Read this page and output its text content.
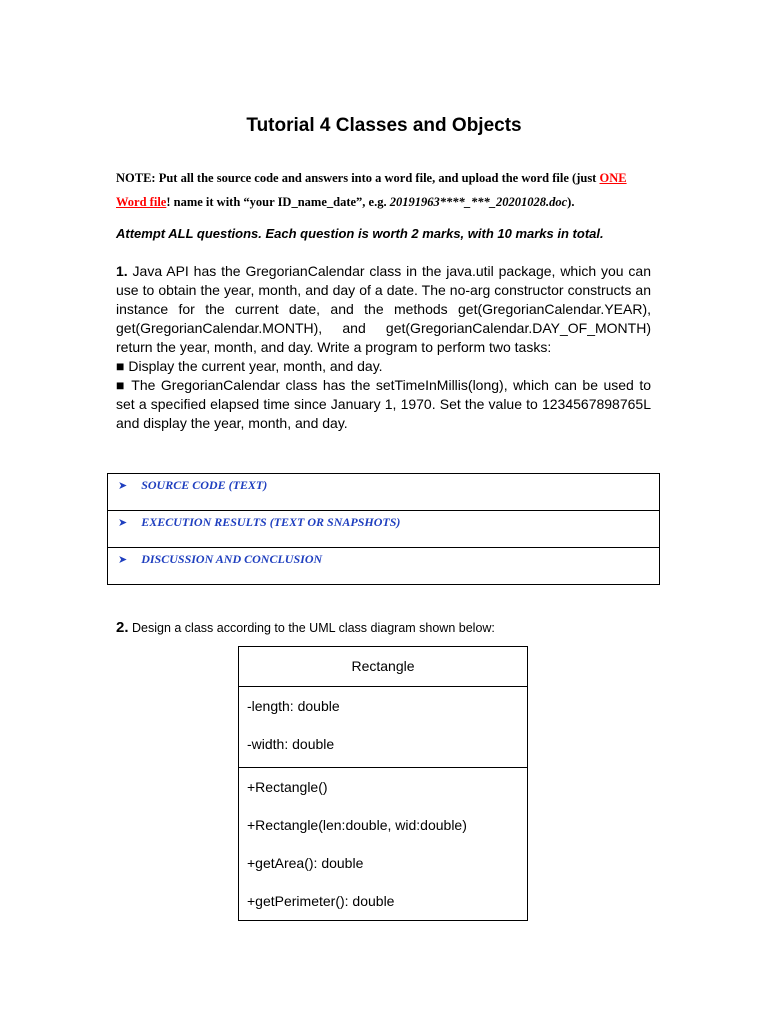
Tutorial 4 Classes and Objects
NOTE: Put all the source code and answers into a word file, and upload the word file (just ONE Word file! name it with “your ID_name_date”, e.g. 20191963****_***_20201028.doc).
Attempt ALL questions. Each question is worth 2 marks, with 10 marks in total.

1. Java API has the GregorianCalendar class in the java.util package, which you can use to obtain the year, month, and day of a date. The no-arg constructor constructs an instance for the current date, and the methods get(GregorianCalendar.YEAR), get(GregorianCalendar.MONTH), and get(GregorianCalendar.DAY_OF_MONTH) return the year, month, and day. Write a program to perform two tasks:

■ Display the current year, month, and day.

■ The GregorianCalendar class has the setTimeInMillis(long), which can be used to set a specified elapsed time since January 1, 1970. Set the value to 1234567898765L and display the year, month, and day.

➤ SOURCE CODE (TEXT)
➤ EXECUTION RESULTS (TEXT OR SNAPSHOTS)
➤ DISCUSSION AND CONCLUSION
2. Design a class according to the UML class diagram shown below:
Rectangle
-length: double
-width: double
+Rectangle()
+Rectangle(len:double, wid:double)
+getArea(): double
+getPerimeter(): double
